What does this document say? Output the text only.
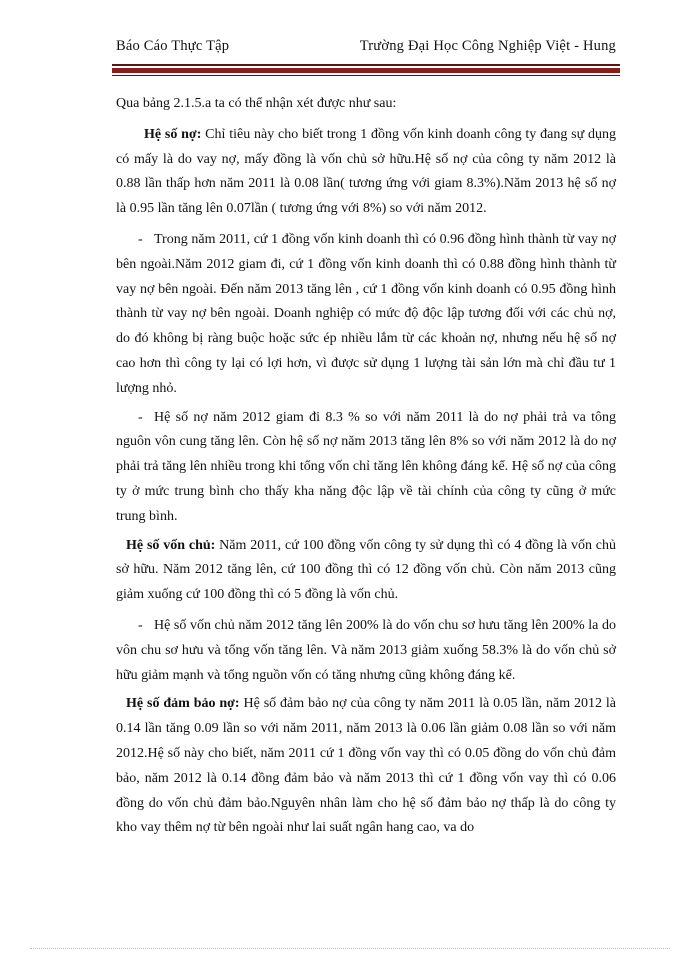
Báo Cáo Thực Tập	Trường Đại Học Công Nghiệp Việt - Hung

Qua bảng 2.1.5.a ta có thể nhận xét được như sau:

Hệ số nợ: Chỉ tiêu này cho biết trong 1 đồng vốn kinh doanh công ty đang sự dụng có mấy là do vay nợ, mấy đồng là vốn chủ sở hữu.Hệ số nợ của công ty năm 2012 là 0.88 lần thấp hơn năm 2011 là 0.08 lần( tương ứng với giam 8.3%).Năm 2013 hệ số nợ là 0.95 lần tăng lên 0.07lần ( tương ứng với 8%) so với năm 2012.

- Trong năm 2011, cứ 1 đồng vốn kinh doanh thì có 0.96 đồng hình thành từ vay nợ bên ngoài.Năm 2012 giam đi, cứ 1 đồng vốn kinh doanh thì có 0.88 đồng hình thành từ vay nợ bên ngoài. Đến năm 2013 tăng lên , cứ 1 đồng vốn kinh doanh có 0.95 đồng hình thành từ vay nợ bên ngoài. Doanh nghiệp có mức độ độc lập tương đối với các chủ nợ, do đó không bị ràng buộc hoặc sức ép nhiều lắm từ các khoản nợ, nhưng nếu hệ số nợ cao hơn thì công ty lại có lợi hơn, vì được sử dụng 1 lượng tài sản lớn mà chỉ đầu tư 1 lượng nhỏ.

- Hệ số nợ năm 2012 giam đi 8.3 % so với năm 2011 là do nợ phải trả va tông nguôn vôn cung tăng lên. Còn hệ số nợ năm 2013 tăng lên 8% so với năm 2012 là do nợ phải trả tăng lên nhiều trong khi tổng vốn chỉ tăng lên không đáng kể. Hệ số nợ của công ty ở mức trung bình cho thấy kha năng độc lập về tài chính của công ty cũng ở mức trung bình.

Hệ số vốn chủ: Năm 2011, cứ 100 đồng vốn công ty sử dụng thì có 4 đồng là vốn chủ sở hữu. Năm 2012 tăng lên, cứ 100 đồng thì có 12 đồng vốn chủ. Còn năm 2013 cũng giảm xuống cứ 100 đồng thì có 5 đồng là vốn chủ.

- Hệ số vốn chủ năm 2012 tăng lên 200% là do vốn chu sơ hưu tăng lên 200% la do vôn chu sơ hưu và tổng vốn tăng lên. Và năm 2013 giảm xuống 58.3% là do vốn chủ sở hữu giảm mạnh và tổng nguồn vốn có tăng nhưng cũng không đáng kể.

Hệ số đảm bảo nợ: Hệ số đảm bảo nợ của công ty năm 2011 là 0.05 lần, năm 2012 là 0.14 lần tăng 0.09 lần so với năm 2011, năm 2013 là 0.06 lần giảm 0.08 lần so với năm 2012.Hệ số này cho biết, năm 2011 cứ 1 đồng vốn vay thì có 0.05 đồng do vốn chủ đảm bảo, năm 2012 là 0.14 đồng đảm bảo và năm 2013 thì cứ 1 đồng vốn vay thì có 0.06 đồng do vốn chủ đảm bảo.Nguyên nhân làm cho hệ số đảm bảo nợ thấp là do công ty kho vay thêm nợ từ bên ngoài như lai suất ngân hang cao, va do
